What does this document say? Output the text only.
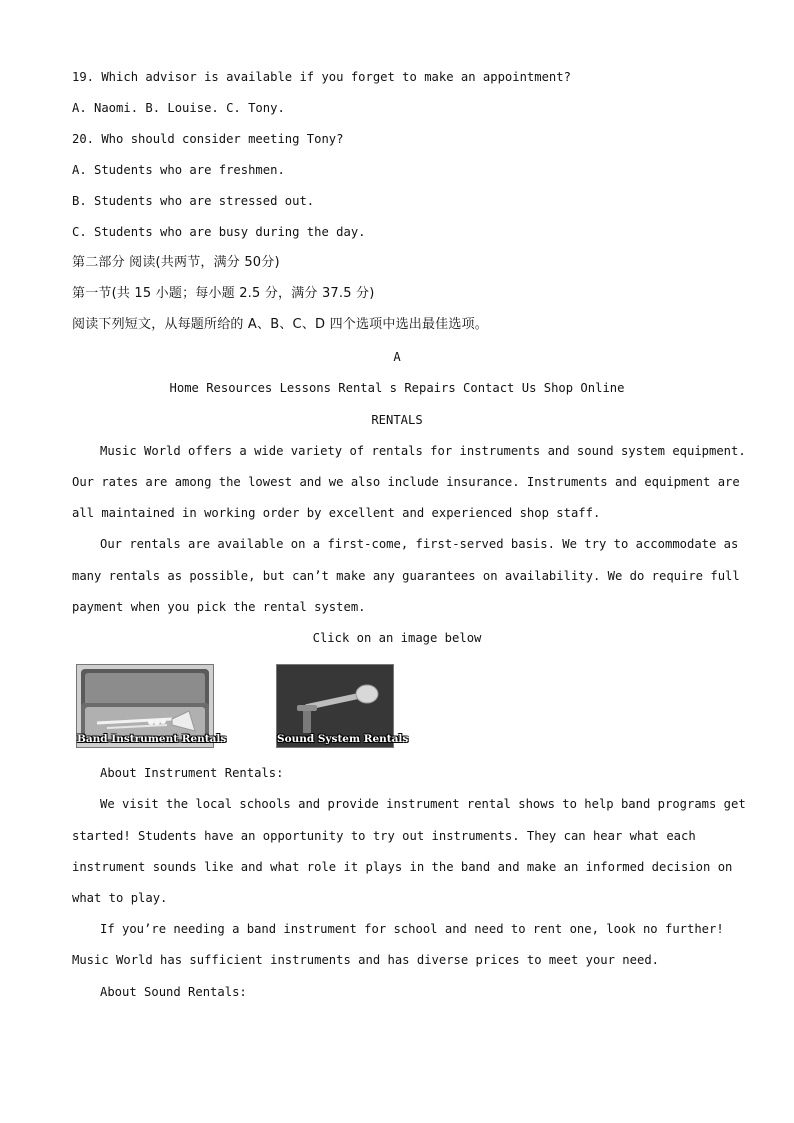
19. Which advisor is available if you forget to make an appointment?
A. Naomi. B. Louise. C. Tony.
20. Who should consider meeting Tony?
A. Students who are freshmen.
B. Students who are stressed out.
C. Students who are busy during the day.
第二部分 阅读(共两节，满分 50分)
第一节(共 15 小题；每小题 2.5 分，满分 37.5 分)
阅读下列短文，从每题所给的 A、B、C、D 四个选项中选出最佳选项。
A
Home Resources Lessons Rental s Repairs Contact Us Shop Online
RENTALS
Music World offers a wide variety of rentals for instruments and sound system equipment.
Our rates are among the lowest and we also include insurance. Instruments and equipment are
all maintained in working order by excellent and experienced shop staff.
Our rentals are available on a first-come, first-served basis. We try to accommodate as
many rentals as possible, but can’t make any guarantees on availability. We do require full
payment when you pick the rental system.
Click on an image below
Band Instrument Rentals	Sound System Rentals
About Instrument Rentals:
We visit the local schools and provide instrument rental shows to help band programs get
started! Students have an opportunity to try out instruments. They can hear what each
instrument sounds like and what role it plays in the band and make an informed decision on
what to play.
If you’re needing a band instrument for school and need to rent one, look no further!
Music World has sufficient instruments and has diverse prices to meet your need.
About Sound Rentals:
